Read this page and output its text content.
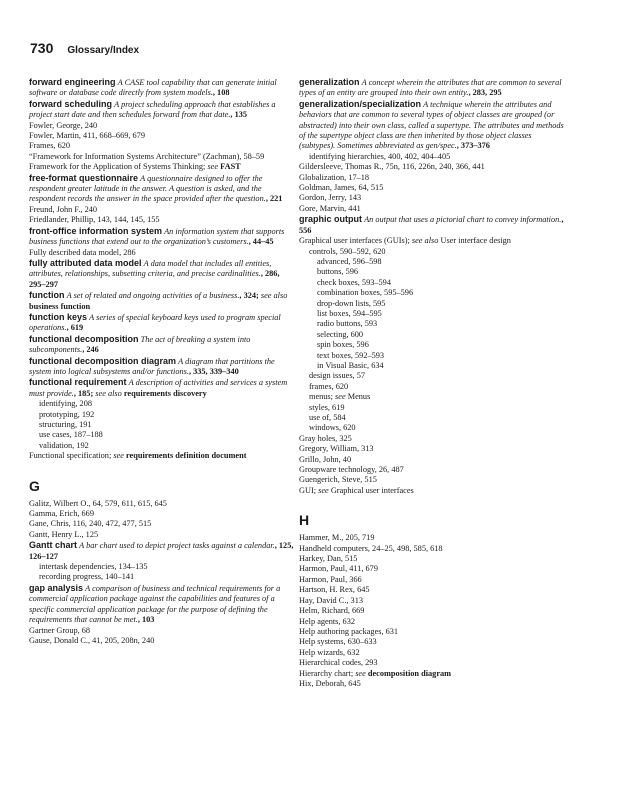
730 Glossary/Index
forward engineering A CASE tool capability that can generate initial software or database code directly from system models., 108
forward scheduling A project scheduling approach that establishes a project start date and then schedules forward from that date., 135
Fowler, George, 240
Fowler, Martin, 411, 668–669, 679
Frames, 620
“Framework for Information Systems Architecture” (Zachman), 58–59
Framework for the Application of Systems Thinking; see FAST
free-format questionnaire A questionnaire designed to offer the respondent greater latitude in the answer. A question is asked, and the respondent records the answer in the space provided after the question., 221
Freund, John F., 240
Friedlander, Phillip, 143, 144, 145, 155
front-office information system An information system that supports business functions that extend out to the organization’s customers., 44–45
Fully described data model, 286
fully attributed data model A data model that includes all entities, attributes, relationships, subsetting criteria, and precise cardinalities., 286, 295–297
function A set of related and ongoing activities of a business., 324; see also business function
function keys A series of special keyboard keys used to program special operations., 619
functional decomposition The act of breaking a system into subcomponents., 246
functional decomposition diagram A diagram that partitions the system into logical subsystems and/or functions., 335, 339–340
functional requirement A description of activities and services a system must provide., 185; see also requirements discovery
identifying, 208
prototyping, 192
structuring, 191
use cases, 187–188
validation, 192
Functional specification; see requirements definition document
G
Galitz, Wilbert O., 64, 579, 611, 615, 645
Gamma, Erich, 669
Gane, Chris, 116, 240, 472, 477, 515
Gantt, Henry L., 125
Gantt chart A bar chart used to depict project tasks against a calendar., 125, 126–127
intertask dependencies, 134–135
recording progress, 140–141
gap analysis A comparison of business and technical requirements for a commercial application package against the capabilities and features of a specific commercial application package for the purpose of defining the requirements that cannot be met., 103
Gartner Group, 68
Gause, Donald C., 41, 205, 208n, 240
generalization A concept wherein the attributes that are common to several types of an entity are grouped into their own entity., 283, 295
generalization/specialization A technique wherein the attributes and behaviors that are common to several types of object classes are grouped (or abstracted) into their own class, called a supertype. The attributes and methods of the supertype object class are then inherited by those object classes (subtypes). Sometimes abbreviated as gen/spec., 373–376
identifying hierarchies, 400, 402, 404–405
Gildersleeve, Thomas R., 75n, 116, 226n, 240, 366, 441
Globalization, 17–18
Goldman, James, 64, 515
Gordon, Jerry, 143
Gore, Marvin, 441
graphic output An output that uses a pictorial chart to convey information., 556
Graphical user interfaces (GUIs); see also User interface design
controls, 590–592, 620
advanced, 596–598
buttons, 596
check boxes, 593–594
combination boxes, 595–596
drop-down lists, 595
list boxes, 594–595
radio buttons, 593
selecting, 600
spin boxes, 596
text boxes, 592–593
in Visual Basic, 634
design issues, 57
frames, 620
menus; see Menus
styles, 619
use of, 584
windows, 620
Gray holes, 325
Gregory, William, 313
Grillo, John, 40
Groupware technology, 26, 487
Guengerich, Steve, 515
GUI; see Graphical user interfaces
H
Hammer, M., 205, 719
Handheld computers, 24–25, 498, 585, 618
Harkey, Dan, 515
Harmon, Paul, 411, 679
Harmon, Paul, 366
Hartson, H. Rex, 645
Hay, David C., 313
Helm, Richard, 669
Help agents, 632
Help authoring packages, 631
Help systems, 630–633
Help wizards, 632
Hierarchical codes, 293
Hierarchy chart; see decomposition diagram
Hix, Deborah, 645
